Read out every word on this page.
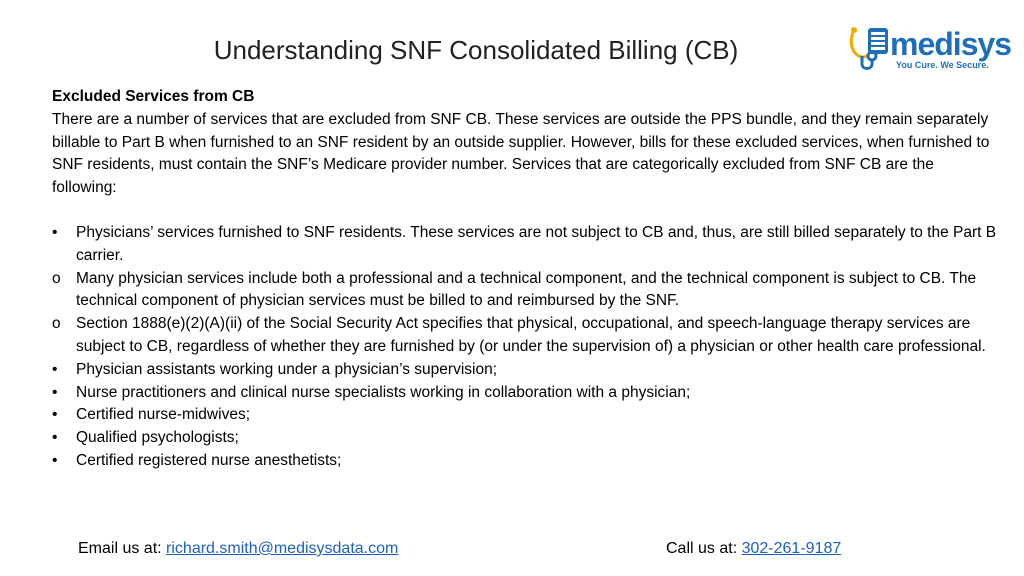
Understanding SNF Consolidated Billing (CB)	medisys
You Cure. We Secure.

Excluded Services from CB

There are a number of services that are excluded from SNF CB. These services are outside the PPS bundle, and they remain separately billable to Part B when furnished to an SNF resident by an outside supplier. However, bills for these excluded services, when furnished to SNF residents, must contain the SNF’s Medicare provider number. Services that are categorically excluded from SNF CB are the following:

•	Physicians’ services furnished to SNF residents. These services are not subject to CB and, thus, are still billed separately to the Part B carrier.
o Many physician services include both a professional and a technical component, and the technical component is subject to CB. The technical component of physician services must be billed to and reimbursed by the SNF.
o Section 1888(e)(2)(A)(ii) of the Social Security Act specifies that physical, occupational, and speech-language therapy services are subject to CB, regardless of whether they are furnished by (or under the supervision of) a physician or other health care professional.
•	Physician assistants working under a physician’s supervision;
•	Nurse practitioners and clinical nurse specialists working in collaboration with a physician;
•	Certified nurse-midwives;
•	Qualified psychologists;
•	Certified registered nurse anesthetists;
Email us at: richard.smith@medisysdata.com	Call us at: 302-261-9187
